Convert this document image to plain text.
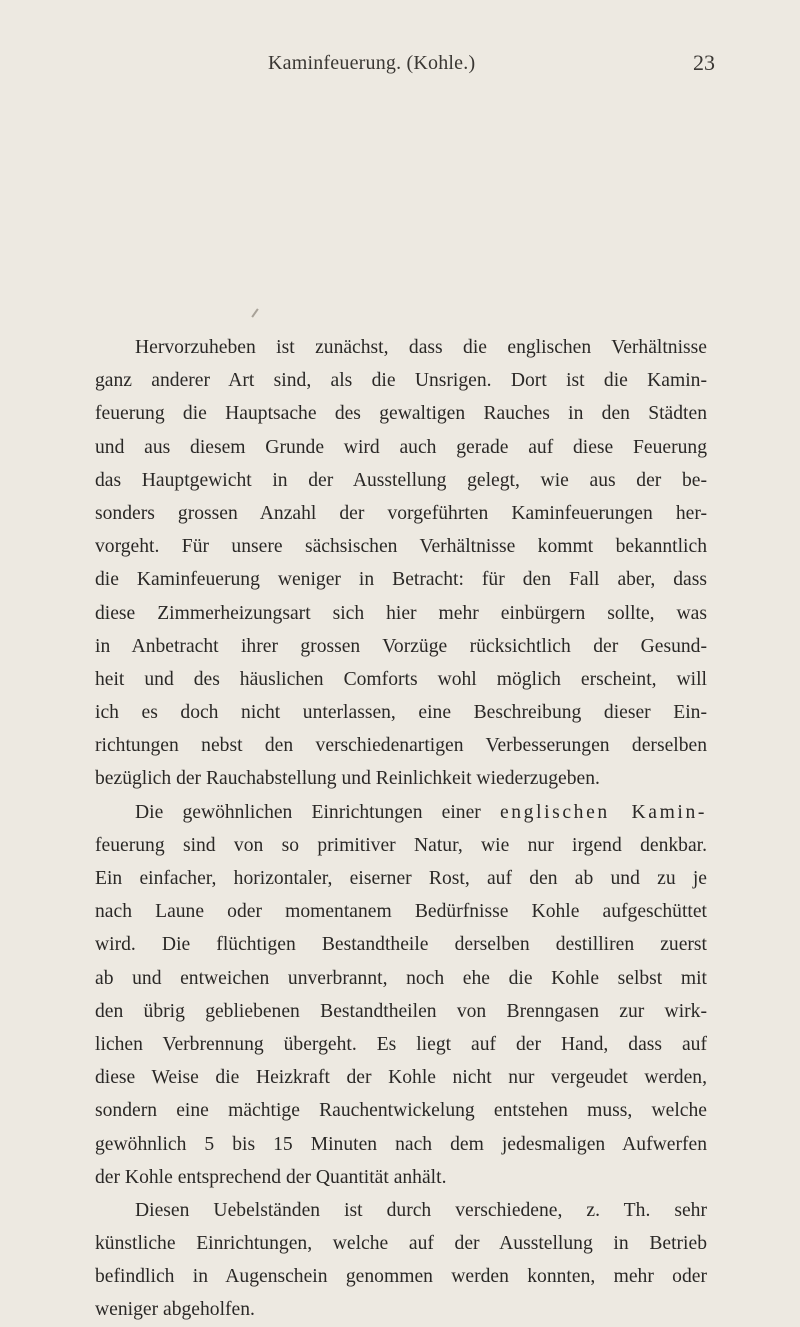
Kaminfeuerung. (Kohle.)	23
Hervorzuheben ist zunächst, dass die englischen Verhältnisse
ganz anderer Art sind, als die Unsrigen. Dort ist die Kamin-
feuerung die Hauptsache des gewaltigen Rauches in den Städten
und aus diesem Grunde wird auch gerade auf diese Feuerung
das Hauptgewicht in der Ausstellung gelegt, wie aus der be-
sonders grossen Anzahl der vorgeführten Kaminfeuerungen her-
vorgeht. Für unsere sächsischen Verhältnisse kommt bekanntlich
die Kaminfeuerung weniger in Betracht: für den Fall aber, dass
diese Zimmerheizungsart sich hier mehr einbürgern sollte, was
in Anbetracht ihrer grossen Vorzüge rücksichtlich der Gesund-
heit und des häuslichen Comforts wohl möglich erscheint, will
ich es doch nicht unterlassen, eine Beschreibung dieser Ein-
richtungen nebst den verschiedenartigen Verbesserungen derselben
bezüglich der Rauchabstellung und Reinlichkeit wiederzugeben.
Die gewöhnlichen Einrichtungen einer englischen Kamin-
feuerung sind von so primitiver Natur, wie nur irgend denkbar.
Ein einfacher, horizontaler, eiserner Rost, auf den ab und zu je
nach Laune oder momentanem Bedürfnisse Kohle aufgeschüttet
wird. Die flüchtigen Bestandtheile derselben destilliren zuerst
ab und entweichen unverbrannt, noch ehe die Kohle selbst mit
den übrig gebliebenen Bestandtheilen von Brenngasen zur wirk-
lichen Verbrennung übergeht. Es liegt auf der Hand, dass auf
diese Weise die Heizkraft der Kohle nicht nur vergeudet werden,
sondern eine mächtige Rauchentwickelung entstehen muss, welche
gewöhnlich 5 bis 15 Minuten nach dem jedesmaligen Aufwerfen
der Kohle entsprechend der Quantität anhält.
Diesen Uebelständen ist durch verschiedene, z. Th. sehr
künstliche Einrichtungen, welche auf der Ausstellung in Betrieb
befindlich in Augenschein genommen werden konnten, mehr oder
weniger abgeholfen.
